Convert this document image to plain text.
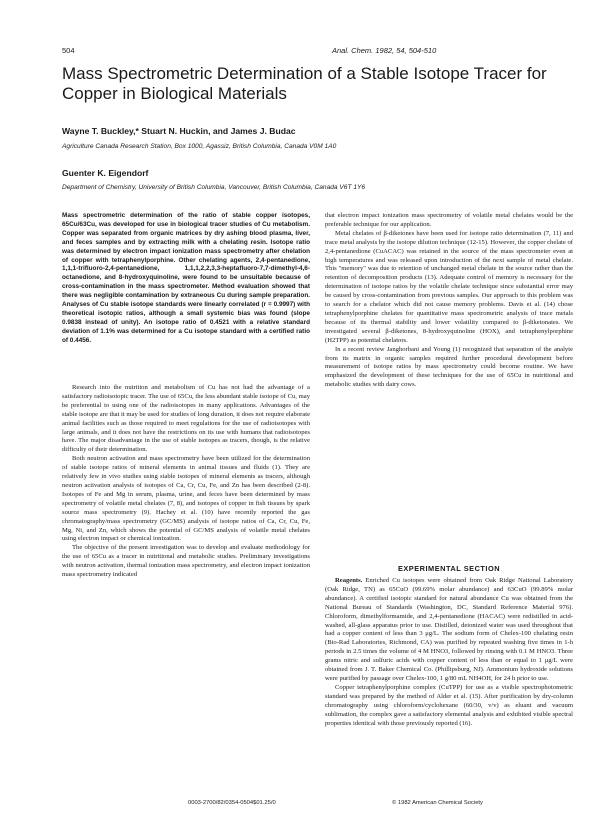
504	Anal. Chem. 1982, 54, 504-510
Mass Spectrometric Determination of a Stable Isotope Tracer for Copper in Biological Materials
Wayne T. Buckley,* Stuart N. Huckin, and James J. Budac
Agriculture Canada Research Station, Box 1000, Agassiz, British Columbia, Canada V0M 1A0
Guenter K. Eigendorf
Department of Chemistry, University of British Columbia, Vancouver, British Columbia, Canada V6T 1Y6
Mass spectrometric determination of the ratio of stable copper isotopes, 65Cu/63Cu, was developed for use in biological tracer studies of Cu metabolism. Copper was separated from organic matrices by dry ashing blood plasma, liver, and feces samples and by extracting milk with a chelating resin. Isotope ratio was determined by electron impact ionization mass spectrometry after chelation of copper with tetraphenylporphine. Other chelating agents, 2,4-pentanedione, 1,1,1-trifluoro-2,4-pentanedione, 1,1,1,2,2,3,3-heptafluoro-7,7-dimethyl-4,6-octanedione, and 8-hydroxyquinoline, were found to be unsuitable because of cross-contamination in the mass spectrometer. Method evaluation showed that there was negligible contamination by extraneous Cu during sample preparation. Analyses of Cu stable isotope standards were linearly correlated (r = 0.9997) with theoretical isotopic ratios, although a small systemic bias was found (slope 0.9838 instead of unity). An isotope ratio of 0.4521 with a relative standard deviation of 1.1% was determined for a Cu isotope standard with a certified ratio of 0.4456.

Research into the nutrition and metabolism of Cu has not had the advantage of a satisfactory radioisotopic tracer. The use of 65Cu, the less abundant stable isotope of Cu, may be preferential to using one of the radioisotopes in many applications. Advantages of the stable isotope are that it may be used for studies of long duration, it does not require elaborate animal facilities such as those required to meet regulations for the use of radioisotopes with large animals, and it does not have the restrictions on its use with humans that radioisotopes have. The major disadvantage in the use of stable isotopes as tracers, though, is the relative difficulty of their determination.

Both neutron activation and mass spectrometry have been utilized for the determination of stable isotope ratios of mineral elements in animal tissues and fluids (1). They are relatively few in vivo studies using stable isotopes of mineral elements as tracers, although neutron activation analysis of isotopes of Ca, Cr, Cu, Fe, and Zn has been described (2-8). Isotopes of Fe and Mg in serum, plasma, urine, and feces have been determined by mass spectrometry of volatile metal chelates (7, 8), and isotopes of copper in fish tissues by spark source mass spectrometry (9). Hachey et al. (10) have recently reported the gas chromatography/mass spectrometry (GC/MS) analysis of isotope ratios of Ca, Cr, Cu, Fe, Mg, Ni, and Zn, which shows the potential of GC/MS analysis of volatile metal chelates using electron impact or chemical ionization.

The objective of the present investigation was to develop and evaluate methodology for the use of 65Cu as a tracer in nutritional and metabolic studies. Preliminary investigations with neutron activation, thermal ionization mass spectrometry, and electron impact ionization mass spectrometry indicated

that electron impact ionization mass spectrometry of volatile metal chelates would be the preferable technique for our application.

Metal chelates of β-diketones have been used for isotope ratio determination (7, 11) and trace metal analysis by the isotope dilution technique (12-15). However, the copper chelate of 2,4-pentanedione (CuACAC) was retained in the source of the mass spectrometer even at high temperatures and was released upon introduction of the next sample of metal chelate. This "memory" was due to retention of unchanged metal chelate in the source rather than the retention of decomposition products (13). Adequate control of memory is necessary for the determination of isotope ratios by the volatile chelate technique since substantial error may be caused by cross-contamination from previous samples. Our approach to this problem was to search for a chelator which did not cause memory problems. Davis et al. (14) chose tetraphenylporphine chelates for quantitative mass spectrometric analysis of trace metals because of its thermal stability and lower volatility compared to β-diketonates. We investigated several β-diketones, 8-hydroxyquinoline (HOX), and tetraphenylporphine (H2TPP) as potential chelators.

In a recent review Janghorbani and Young (1) recognized that separation of the analyte from its matrix in organic samples required further procedural development before measurement of isotope ratios by mass spectrometry could become routine. We have emphasized the development of these techniques for the use of 65Cu in nutritional and metabolic studies with dairy cows.

EXPERIMENTAL SECTION

Reagents. Enriched Cu isotopes were obtained from Oak Ridge National Laboratory (Oak Ridge, TN) as 65CuO (99.69% molar abundance) and 63CuO (99.89% molar abundance). A certified isotopic standard for natural abundance Cu was obtained from the National Bureau of Standards (Washington, DC, Standard Reference Material 976). Chloroform, dimethylformamide, and 2,4-pentanedione (HACAC) were redistilled in acid-washed, all-glass apparatus prior to use. Distilled, deionized water was used throughout that had a copper content of less than 3 μg/L. The sodium form of Chelex-100 chelating resin (Bio-Rad Laboratories, Richmond, CA) was purified by repeated washing five times in 1-h periods in 2.5 times the volume of 4 M HNO3, followed by rinsing with 0.1 M HNO3. Three grams nitric and sulfuric acids with copper content of less than or equal to 1 μg/L were obtained from J. T. Baker Chemical Co. (Phillipsburg, NJ). Ammonium hydroxide solutions were purified by passage over Chelex-100, 1 g/80 mL NH4OH, for 24 h prior to use.

Copper tetraphenylporphine complex (CuTPP) for use as a visible spectrophotometric standard was prepared by the method of Alder et al. (15). After purification by dry-column chromatography using chloroform/cyclohexane (60/30, v/v) as eluant and vacuum sublimation, the complex gave a satisfactory elemental analysis and exhibited visible spectral properties identical with those previously reported (16).

0003-2700/82/0354-0504$01.25/0	© 1982 American Chemical Society
